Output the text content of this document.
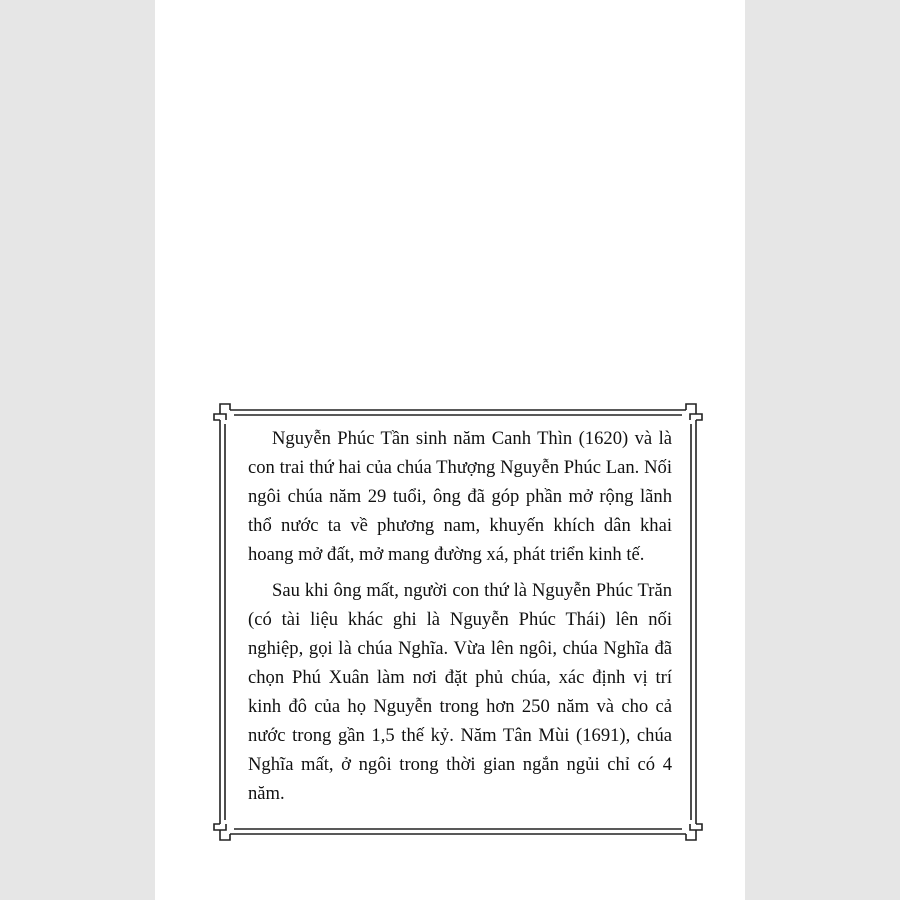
Nguyễn Phúc Tần sinh năm Canh Thìn (1620) và là con trai thứ hai của chúa Thượng Nguyễn Phúc Lan. Nối ngôi chúa năm 29 tuổi, ông đã góp phần mở rộng lãnh thổ nước ta về phương nam, khuyến khích dân khai hoang mở đất, mở mang đường xá, phát triển kinh tế.

Sau khi ông mất, người con thứ là Nguyễn Phúc Trăn (có tài liệu khác ghi là Nguyễn Phúc Thái) lên nối nghiệp, gọi là chúa Nghĩa. Vừa lên ngôi, chúa Nghĩa đã chọn Phú Xuân làm nơi đặt phủ chúa, xác định vị trí kinh đô của họ Nguyễn trong hơn 250 năm và cho cả nước trong gần 1,5 thế kỷ. Năm Tân Mùi (1691), chúa Nghĩa mất, ở ngôi trong thời gian ngắn ngủi chỉ có 4 năm.
